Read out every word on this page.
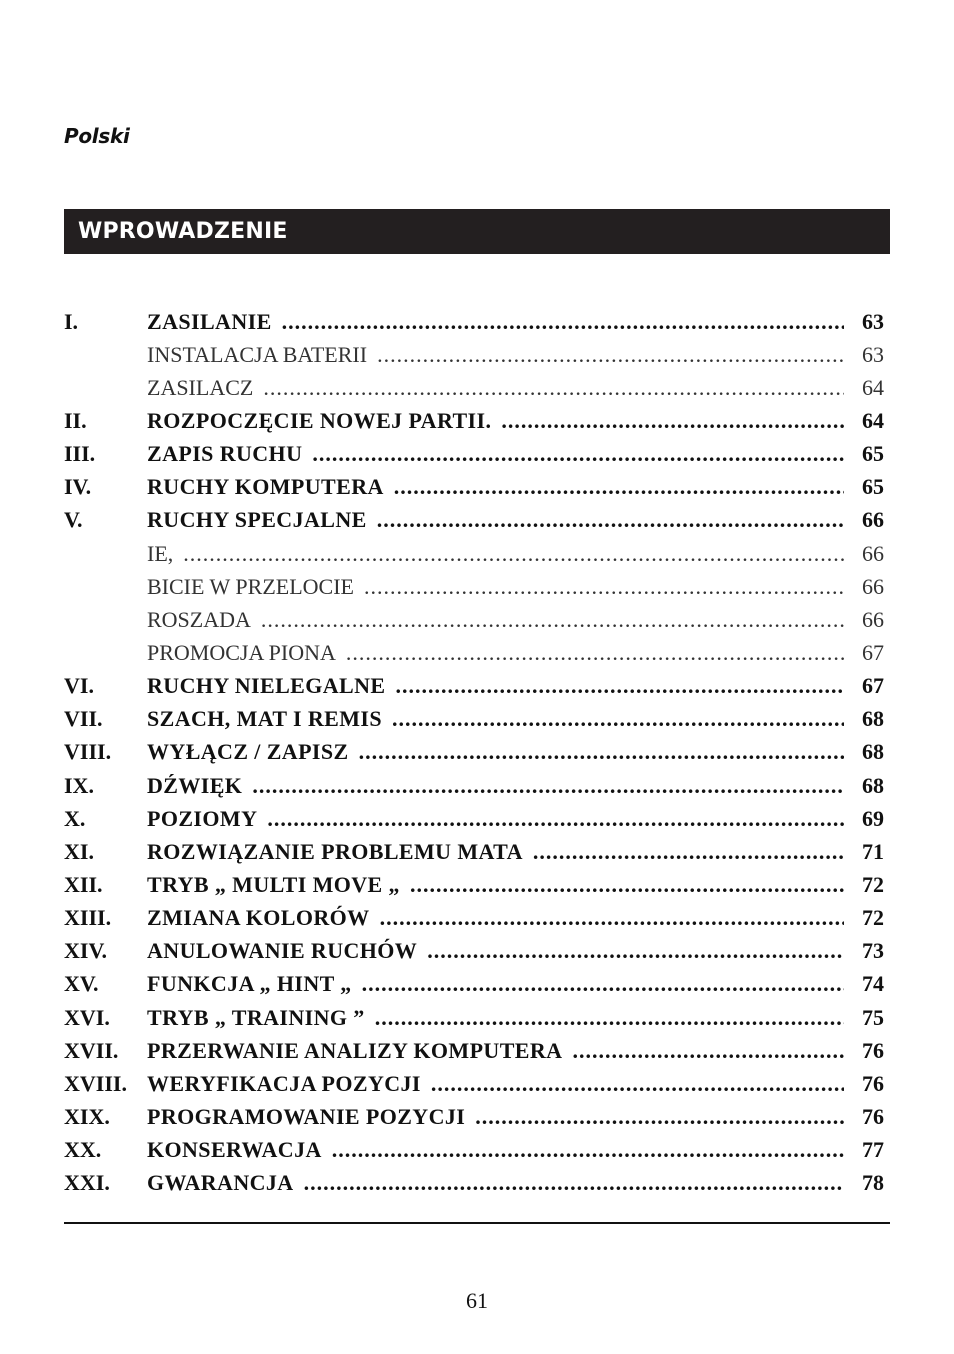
Polski
WPROWADZENIE
I.	ZASILANIE .....	63
INSTALACJA BATERII .....	63
ZASILACZ .....	64
II.	ROZPOCZĘCIE NOWEJ PARTII. .....	64
III.	ZAPIS RUCHU .....	65
IV.	RUCHY KOMPUTERA .....	65
V.	RUCHY SPECJALNE .....	66
IE, .....	66
BICIE W PRZELOCIE .....	66
ROSZADA .....	66
PROMOCJA PIONA .....	67
VI.	RUCHY NIELEGALNE .....	67
VII.	SZACH, MAT I REMIS .....	68
VIII.	WYŁĄCZ / ZAPISZ .....	68
IX.	DŹWIĘK .....	68
X.	POZIOMY .....	69
XI.	ROZWIĄZANIE PROBLEMU MATA .....	71
XII.	TRYB „ MULTI MOVE „ .....	72
XIII.	ZMIANA KOLORÓW .....	72
XIV.	ANULOWANIE RUCHÓW .....	73
XV.	FUNKCJA „ HINT „ .....	74
XVI.	TRYB „ TRAINING ” .....	75
XVII.	PRZERWANIE ANALIZY KOMPUTERA .....	76
XVIII. WERYFIKACJA POZYCJI .....	76
XIX.	PROGRAMOWANIE POZYCJI .....	76
XX.	KONSERWACJA .....	77
XXI.	GWARANCJA .....	78
61
